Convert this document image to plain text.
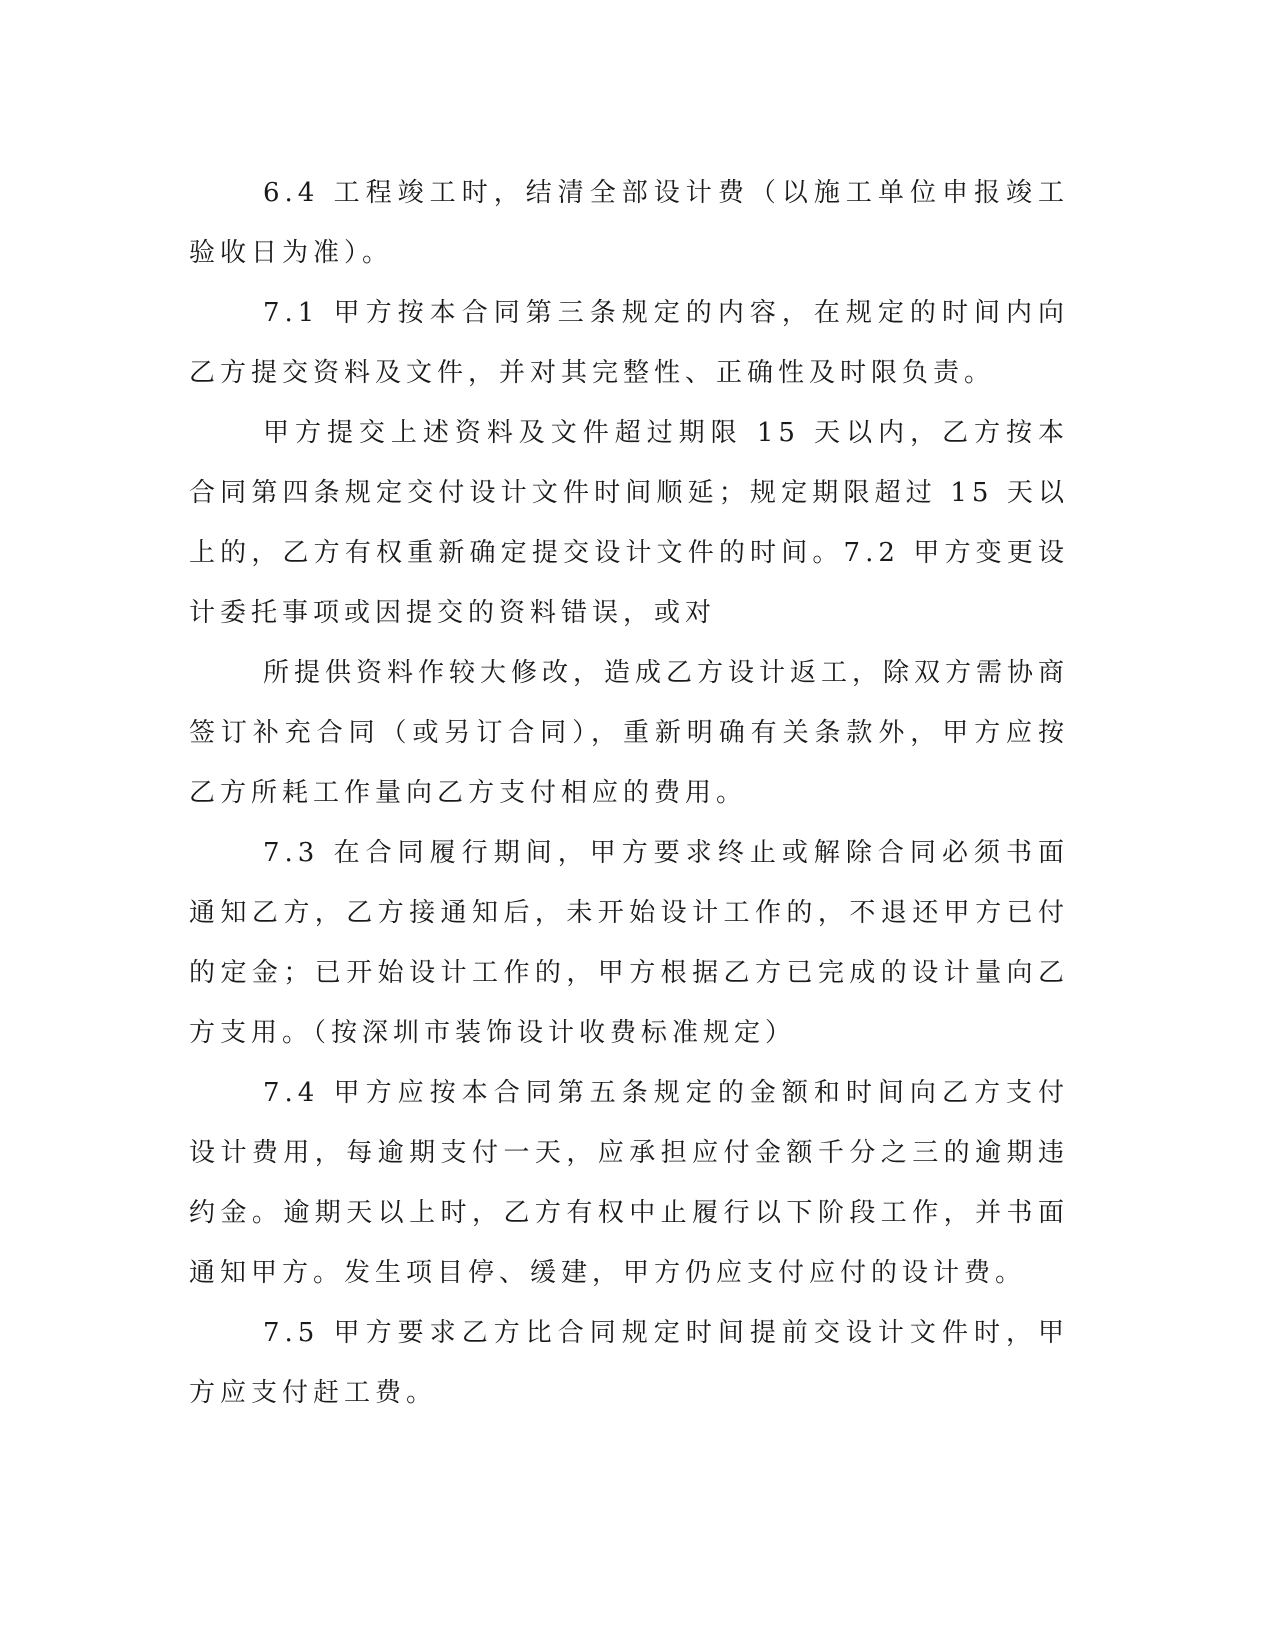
6.4 工程竣工时，结清全部设计费（以施工单位申报竣工验收日为准）。

7.1 甲方按本合同第三条规定的内容，在规定的时间内向乙方提交资料及文件，并对其完整性、正确性及时限负责。

甲方提交上述资料及文件超过期限 15 天以内，乙方按本合同第四条规定交付设计文件时间顺延；规定期限超过 15 天以上的，乙方有权重新确定提交设计文件的时间。7.2 甲方变更设计委托事项或因提交的资料错误，或对

所提供资料作较大修改，造成乙方设计返工，除双方需协商签订补充合同（或另订合同），重新明确有关条款外，甲方应按乙方所耗工作量向乙方支付相应的费用。

7.3 在合同履行期间，甲方要求终止或解除合同必须书面通知乙方，乙方接通知后，未开始设计工作的，不退还甲方已付的定金；已开始设计工作的，甲方根据乙方已完成的设计量向乙方支用。（按深圳市装饰设计收费标准规定）

7.4 甲方应按本合同第五条规定的金额和时间向乙方支付设计费用，每逾期支付一天，应承担应付金额千分之三的逾期违约金。逾期天以上时，乙方有权中止履行以下阶段工作，并书面通知甲方。发生项目停、缓建，甲方仍应支付应付的设计费。

7.5 甲方要求乙方比合同规定时间提前交设计文件时，甲方应支付赶工费。
